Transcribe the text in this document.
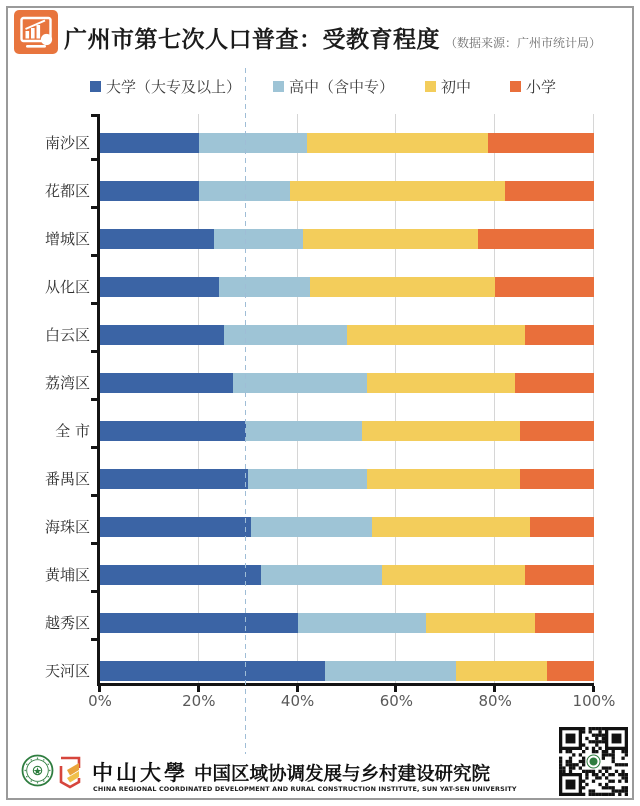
广州市第七次人口普查：受教育程度 （数据来源：广州市统计局）
中山大學 中国区域协调发展与乡村建设研究院
CHINA REGIONAL COORDINATED DEVELOPMENT AND RURAL CONSTRUCTION INSTITUTE, SUN YAT-SEN UNIVERSITY
大学（大专及以上）	高中（含中专）	初中	小学
南沙区
花都区
增城区
从化区
白云区
荔湾区
全 市
番禺区
海珠区
黄埔区
越秀区
天河区
0%	20%	40%	60%	80%	100%
